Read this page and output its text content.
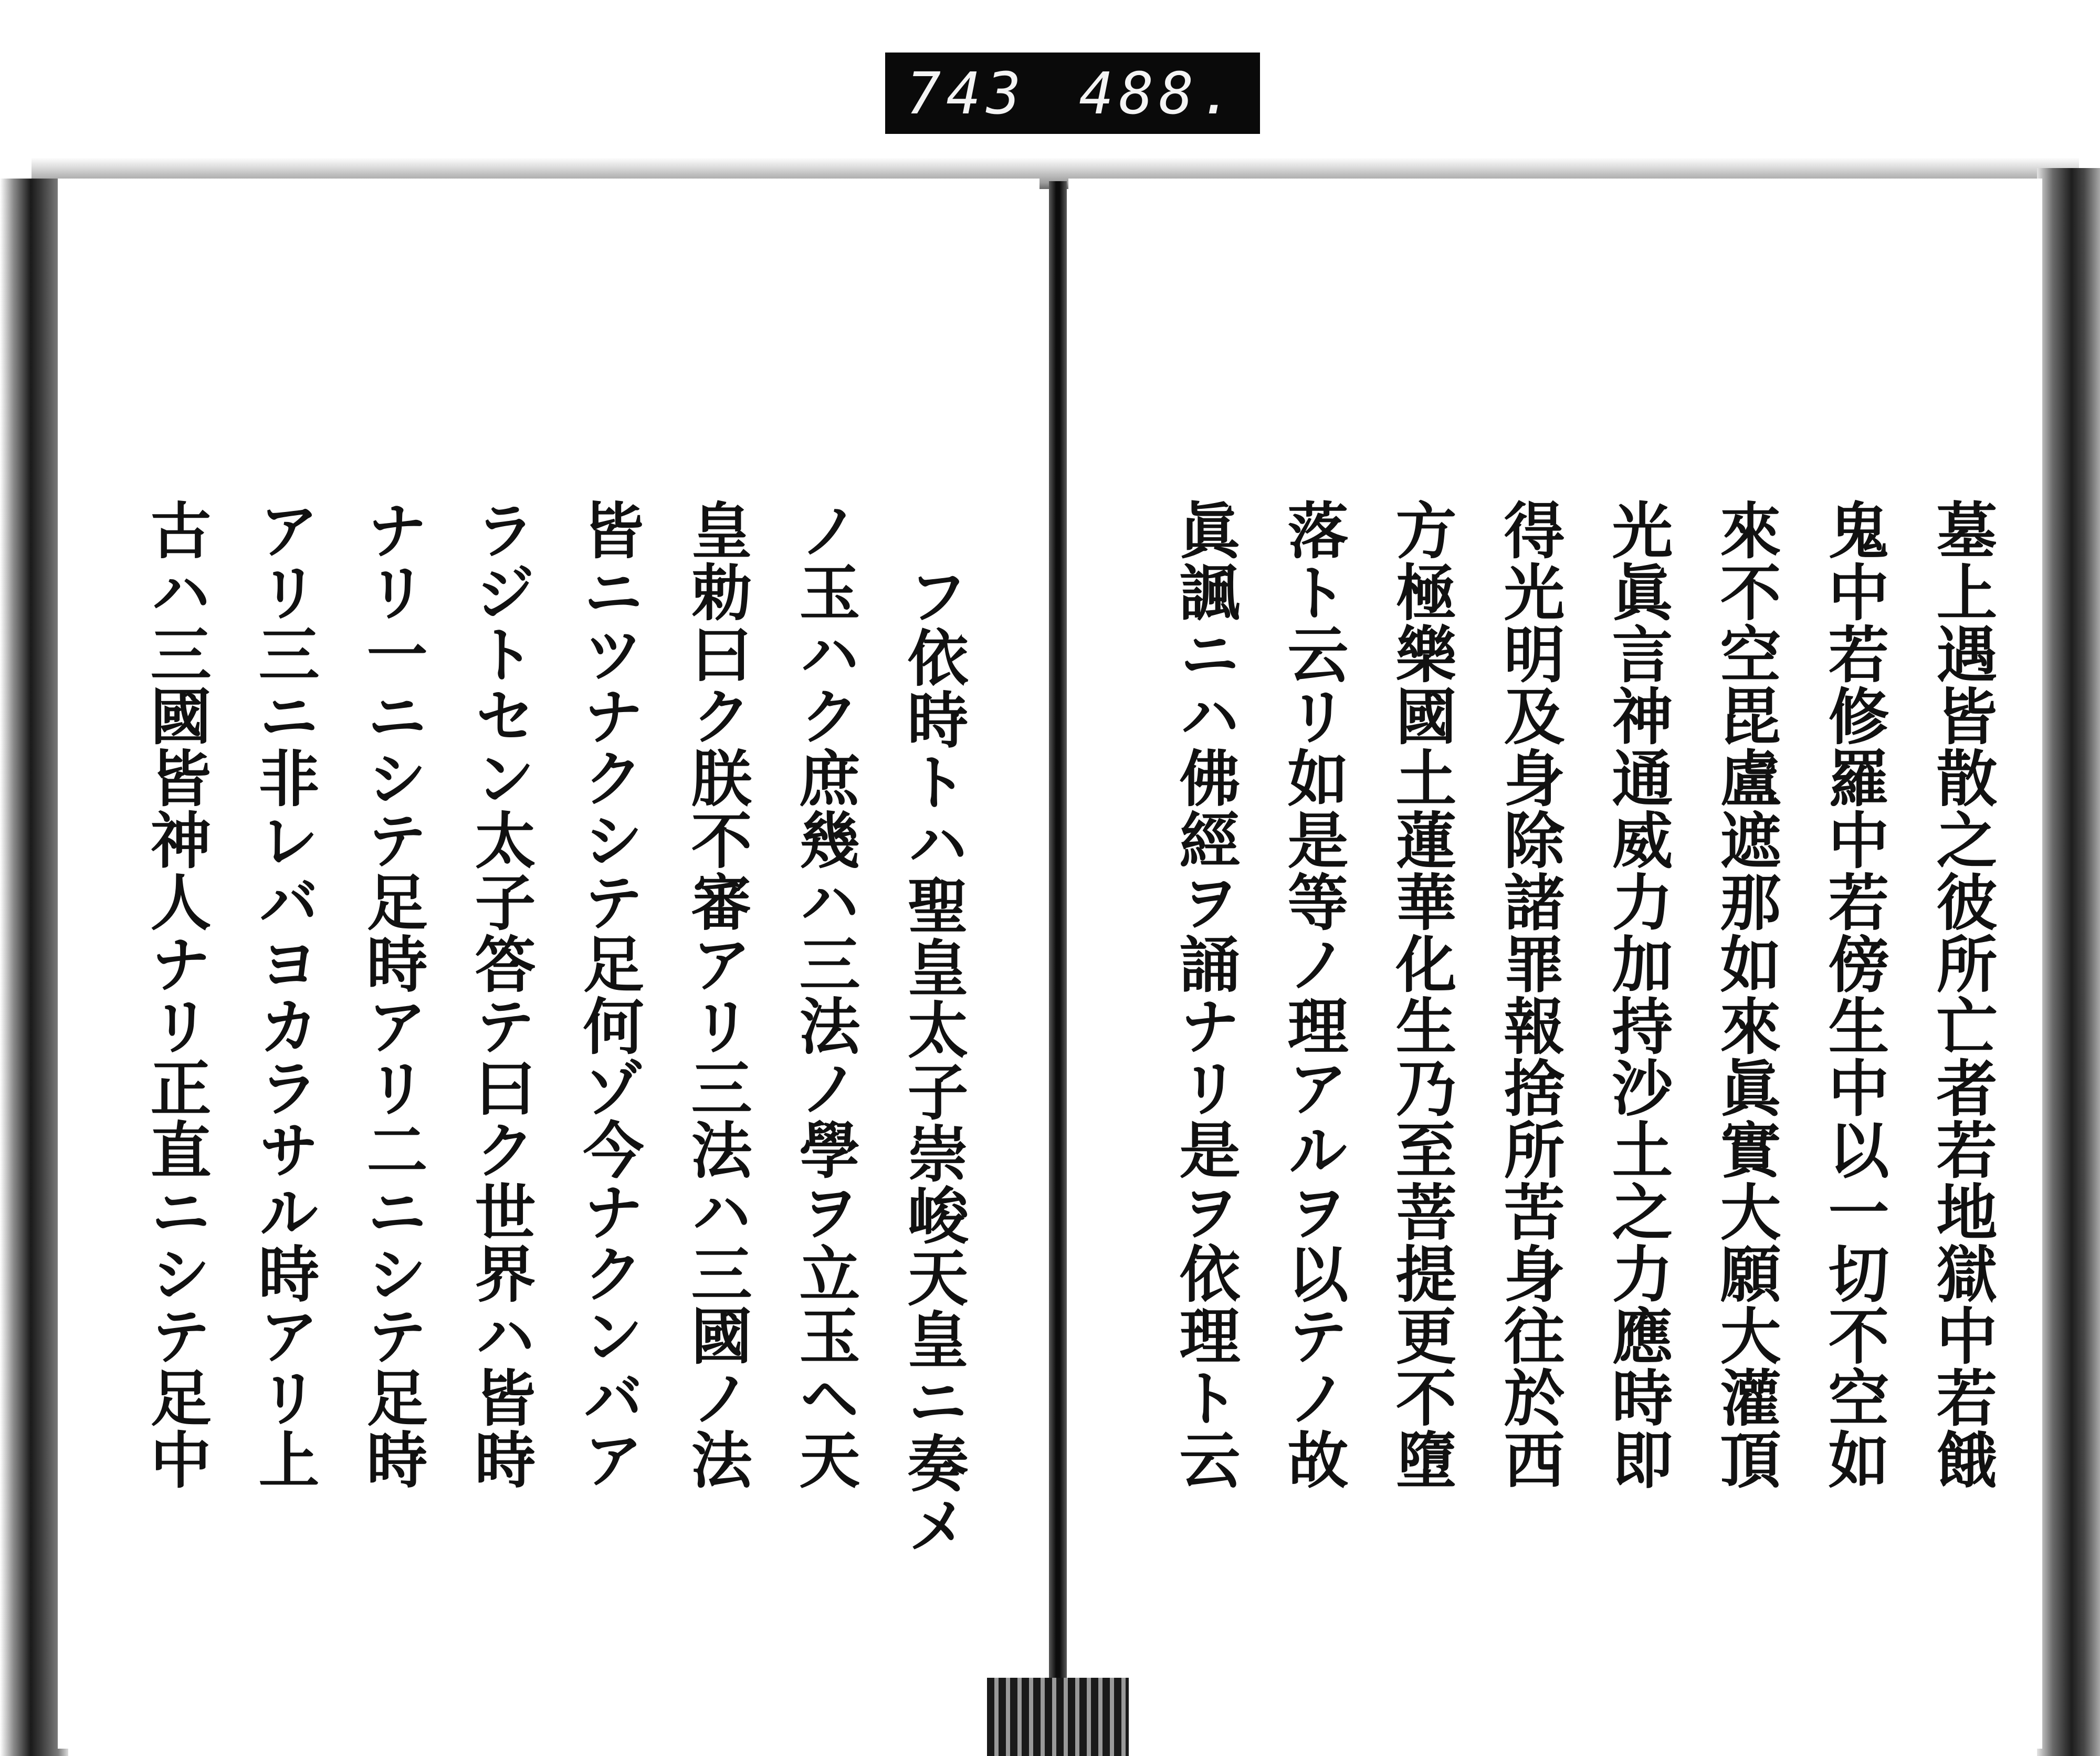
743 488.
墓上遇皆散之彼所亡者若地獄中若餓
鬼中若修羅中若傍生中以一切不空如
來不空毘盧遮那如來眞實大願大灌頂
光眞言神通威力加持沙土之力應時即
得光明及身除諸罪報捨所苦身往於西
方極樂國土蓮華化生乃至菩提更不墮
落ト云リ如是等ノ理アルヲ以テノ故
眞諷ニハ佛經ヲ誦ナリ是ヲ依理ト云
フ依時トハ聖皇太子崇峻天皇ニ奏メ
ノ玉ハク庶幾ハ三法ノ學ヲ立玉ヘ天
皇勅曰ク朕不審アリ三法ハ三國ノ法
皆ニツナクシテ足何ゾ今ナクンバア
ラジトセン太子答テ曰ク世界ハ皆時
ナリ一ニシテ足時アリ二ニシテ足時
アリ三ニ非レバヨカラサル時アリ上
古ハ三國皆神人ナリ正直ニシテ足中
